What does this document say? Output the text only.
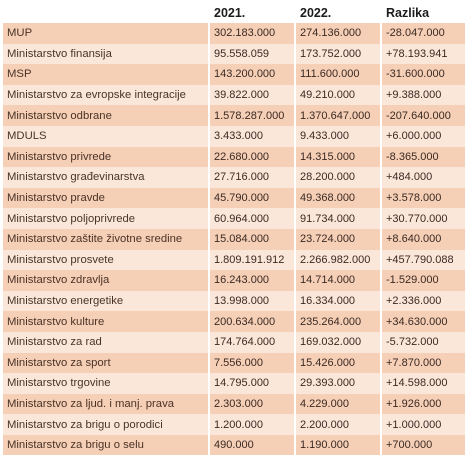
	2021.	2022.	Razlika
MUP	302.183.000	274.136.000	-28.047.000
Ministarstvo finansija	95.558.059	173.752.000	+78.193.941
MSP	143.200.000	111.600.000	-31.600.000
Ministarstvo za evropske integracije	39.822.000	49.210.000	+9.388.000
Ministarstvo odbrane	1.578.287.000	1.370.647.000	-207.640.000
MDULS	3.433.000	9.433.000	+6.000.000
Ministarstvo privrede	22.680.000	14.315.000	-8.365.000
Ministarstvo građevinarstva	27.716.000	28.200.000	+484.000
Ministarstvo pravde	45.790.000	49.368.000	+3.578.000
Ministarstvo poljoprivrede	60.964.000	91.734.000	+30.770.000
Ministarstvo zaštite životne sredine	15.084.000	23.724.000	+8.640.000
Ministarstvo prosvete	1.809.191.912	2.266.982.000	+457.790.088
Ministarstvo zdravlja	16.243.000	14.714.000	-1.529.000
Ministarstvo energetike	13.998.000	16.334.000	+2.336.000
Ministarstvo kulture	200.634.000	235.264.000	+34.630.000
Ministarstvo za rad	174.764.000	169.032.000	-5.732.000
Ministarstvo za sport	7.556.000	15.426.000	+7.870.000
Ministarstvo trgovine	14.795.000	29.393.000	+14.598.000
Ministarstvo za ljud. i manj. prava	2.303.000	4.229.000	+1.926.000
Ministarstvo za brigu o porodici	1.200.000	2.200.000	+1.000.000
Ministarstvo za brigu o selu	490.000	1.190.000	+700.000
